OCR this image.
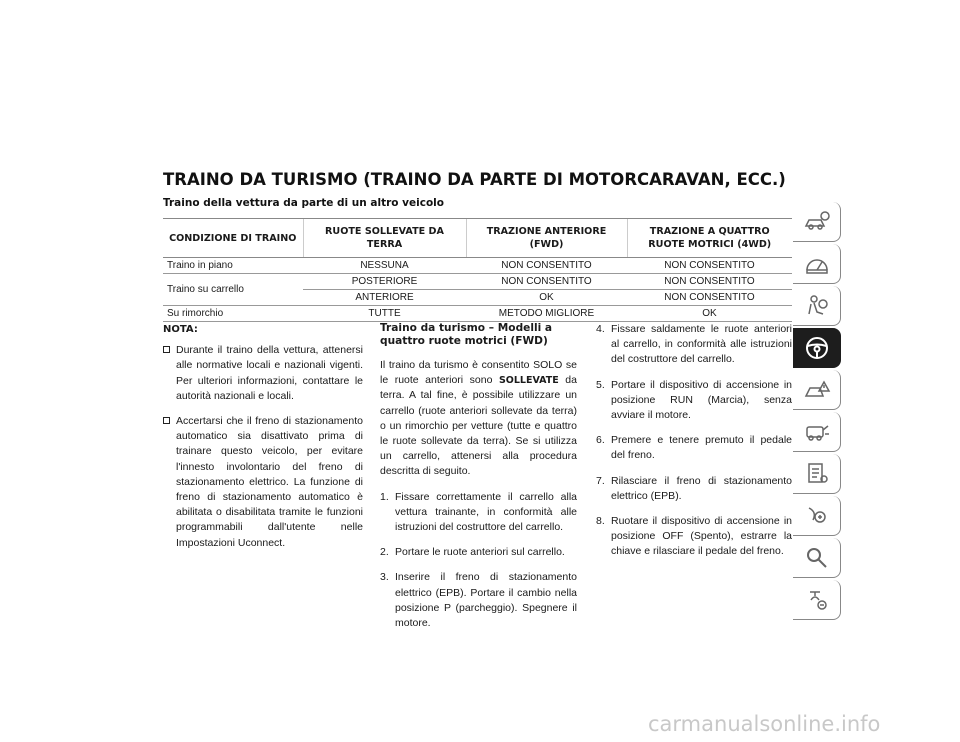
TRAINO DA TURISMO (TRAINO DA PARTE DI MOTORCARAVAN, ECC.)
Traino della vettura da parte di un altro veicolo
CONDIZIONE DI TRAINO	RUOTE SOLLEVATE DA TERRA	TRAZIONE ANTERIORE (FWD)	TRAZIONE A QUATTRO RUOTE MOTRICI (4WD)
Traino in piano	NESSUNA	NON CONSENTITO	NON CONSENTITO
Traino su carrello	POSTERIORE	NON CONSENTITO	NON CONSENTITO
	ANTERIORE	OK	NON CONSENTITO
Su rimorchio	TUTTE	METODO MIGLIORE	OK

NOTA:

Durante il traino della vettura, attenersi alle normative locali e nazionali vigenti. Per ulteriori informazioni, contattare le autorità nazionali e locali.

Accertarsi che il freno di stazionamento automatico sia disattivato prima di trainare questo veicolo, per evitare l'innesto involontario del freno di stazionamento elettrico. La funzione di freno di stazionamento automatico è abilitata o disabilitata tramite le funzioni programmabili dall'utente nelle Impostazioni Uconnect.

Traino da turismo – Modelli a quattro ruote motrici (FWD)

Il traino da turismo è consentito SOLO se le ruote anteriori sono SOLLEVATE da terra. A tal fine, è possibile utilizzare un carrello (ruote anteriori sollevate da terra) o un rimorchio per vetture (tutte e quattro le ruote sollevate da terra). Se si utilizza un carrello, attenersi alla procedura descritta di seguito.

1. Fissare correttamente il carrello alla vettura trainante, in conformità alle istruzioni del costruttore del carrello.

2. Portare le ruote anteriori sul carrello.

3. Inserire il freno di stazionamento elettrico (EPB). Portare il cambio nella posizione P (parcheggio). Spegnere il motore.

4. Fissare saldamente le ruote anteriori al carrello, in conformità alle istruzioni del costruttore del carrello.

5. Portare il dispositivo di accensione in posizione RUN (Marcia), senza avviare il motore.

6. Premere e tenere premuto il pedale del freno.

7. Rilasciare il freno di stazionamento elettrico (EPB).

8. Ruotare il dispositivo di accensione in posizione OFF (Spento), estrarre la chiave e rilasciare il pedale del freno.

carmanualsonline.info
